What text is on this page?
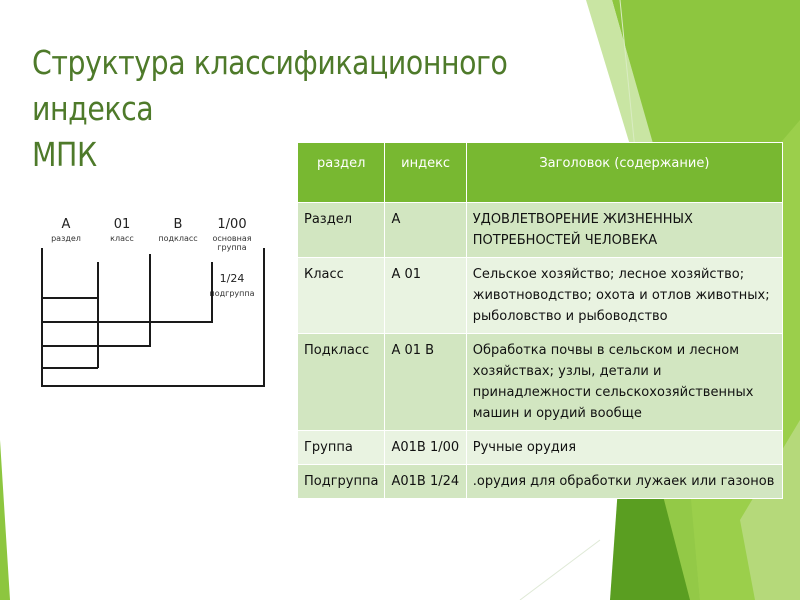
Структура классификационного индекса
МПК
A
раздел
01
класс
B
подкласс
1/00
основная группа
1/24
подгруппа
раздел	индекс	Заголовок (содержание)
Раздел	A	УДОВЛЕТВОРЕНИЕ ЖИЗНЕННЫХ ПОТРЕБНОСТЕЙ ЧЕЛОВЕКА
Класс	A 01	Сельское хозяйство; лесное хозяйство; животноводство; охота и отлов животных; рыболовство и рыбоводство
Подкласс	A 01 B	Обработка почвы в сельском и лесном хозяйствах; узлы, детали и принадлежности сельскохозяйственных машин и орудий вообще
Группа	A01B 1/00	Ручные орудия
Подгруппа	A01B 1/24	.орудия для обработки лужаек или газонов
